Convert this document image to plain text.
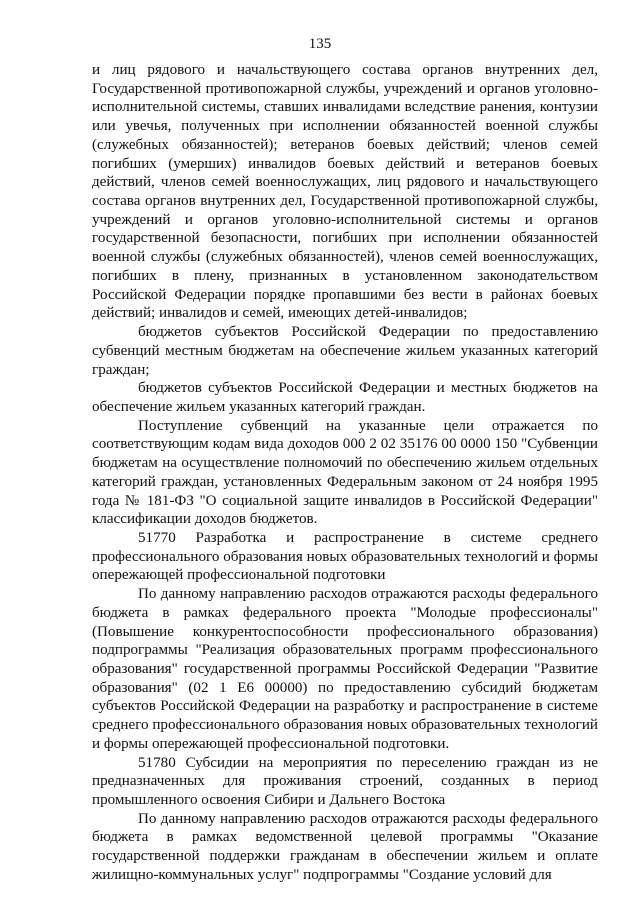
135

и лиц рядового и начальствующего состава органов внутренних дел, Государственной противопожарной службы, учреждений и органов уголовно-исполнительной системы, ставших инвалидами вследствие ранения, контузии или увечья, полученных при исполнении обязанностей военной службы (служебных обязанностей); ветеранов боевых действий; членов семей погибших (умерших) инвалидов боевых действий и ветеранов боевых действий, членов семей военнослужащих, лиц рядового и начальствующего состава органов внутренних дел, Государственной противопожарной службы, учреждений и органов уголовно-исполнительной системы и органов государственной безопасности, погибших при исполнении обязанностей военной службы (служебных обязанностей), членов семей военнослужащих, погибших в плену, признанных в установленном законодательством Российской Федерации порядке пропавшими без вести в районах боевых действий; инвалидов и семей, имеющих детей-инвалидов;

бюджетов субъектов Российской Федерации по предоставлению субвенций местным бюджетам на обеспечение жильем указанных категорий граждан;

бюджетов субъектов Российской Федерации и местных бюджетов на обеспечение жильем указанных категорий граждан.

Поступление субвенций на указанные цели отражается по соответствующим кодам вида доходов 000 2 02 35176 00 0000 150 "Субвенции бюджетам на осуществление полномочий по обеспечению жильем отдельных категорий граждан, установленных Федеральным законом от 24 ноября 1995 года № 181-ФЗ "О социальной защите инвалидов в Российской Федерации" классификации доходов бюджетов.

51770 Разработка и распространение в системе среднего профессионального образования новых образовательных технологий и формы опережающей профессиональной подготовки

По данному направлению расходов отражаются расходы федерального бюджета в рамках федерального проекта "Молодые профессионалы" (Повышение конкурентоспособности профессионального образования) подпрограммы "Реализация образовательных программ профессионального образования" государственной программы Российской Федерации "Развитие образования" (02 1 Е6 00000) по предоставлению субсидий бюджетам субъектов Российской Федерации на разработку и распространение в системе среднего профессионального образования новых образовательных технологий и формы опережающей профессиональной подготовки.

51780 Субсидии на мероприятия по переселению граждан из не предназначенных для проживания строений, созданных в период промышленного освоения Сибири и Дальнего Востока

По данному направлению расходов отражаются расходы федерального бюджета в рамках ведомственной целевой программы "Оказание государственной поддержки гражданам в обеспечении жильем и оплате жилищно-коммунальных услуг" подпрограммы "Создание условий для
